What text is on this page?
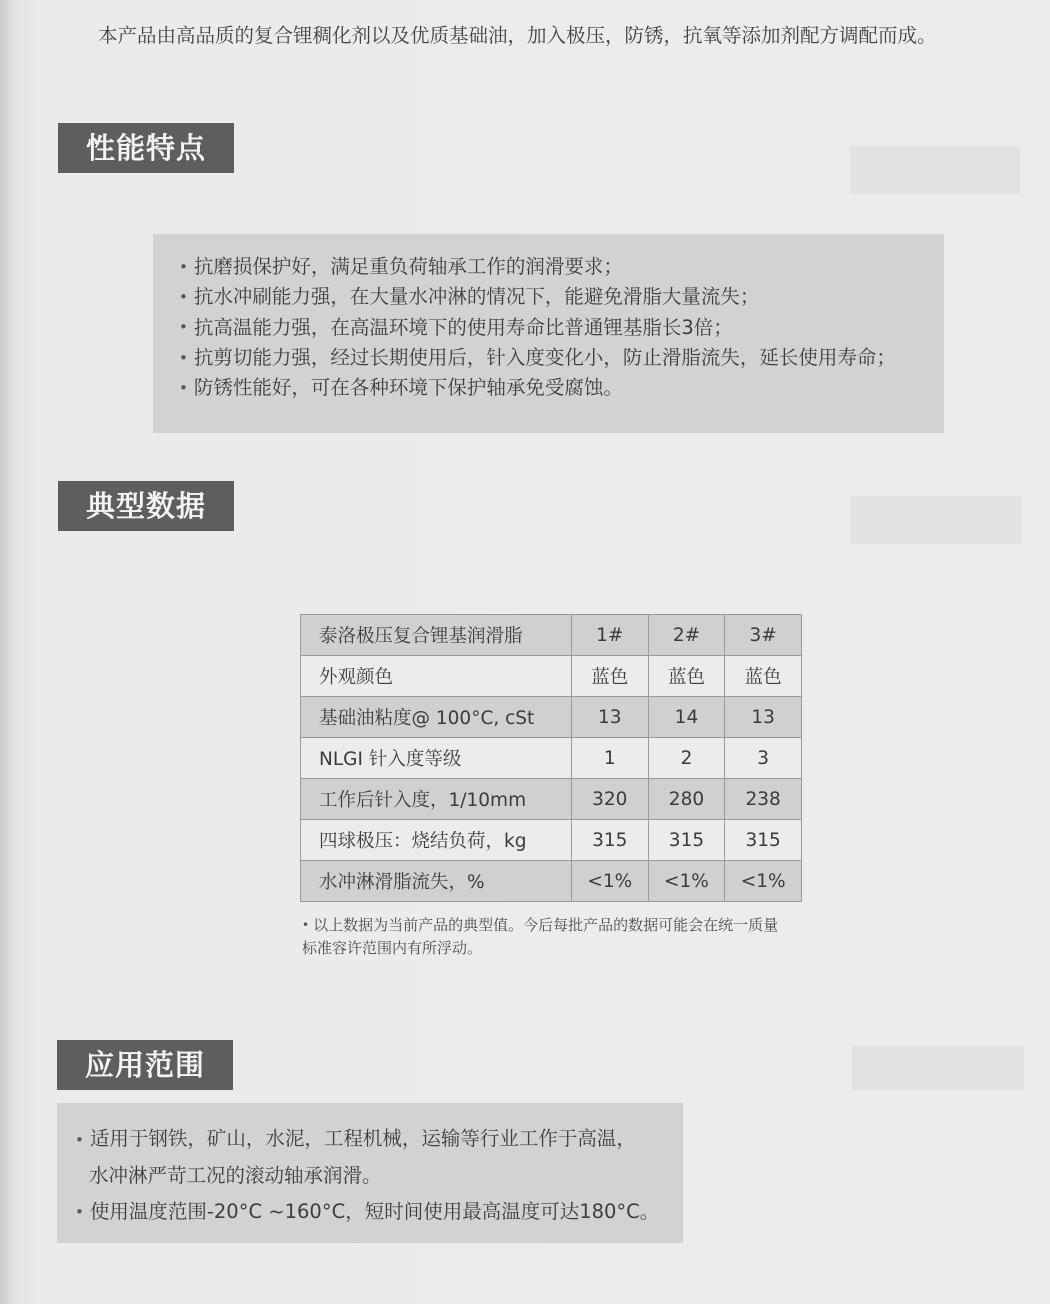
本产品由高品质的复合锂稠化剂以及优质基础油，加入极压，防锈，抗氧等添加剂配方调配而成。
性能特点
• 抗磨损保护好，满足重负荷轴承工作的润滑要求；
• 抗水冲刷能力强，在大量水冲淋的情况下，能避免滑脂大量流失；
• 抗高温能力强，在高温环境下的使用寿命比普通锂基脂长3倍；
• 抗剪切能力强，经过长期使用后，针入度变化小，防止滑脂流失，延长使用寿命；
• 防锈性能好，可在各种环境下保护轴承免受腐蚀。
典型数据
泰洛极压复合锂基润滑脂	1#	2#	3#
外观颜色	蓝色	蓝色	蓝色
基础油粘度@ 100°C, cSt	13	14	13
NLGI 针入度等级	1	2	3
工作后针入度，1/10mm	320	280	238
四球极压：烧结负荷，kg	315	315	315
水冲淋滑脂流失，%	<1%	<1%	<1%
• 以上数据为当前产品的典型值。今后每批产品的数据可能会在统一质量
标准容许范围内有所浮动。
应用范围
• 适用于钢铁，矿山，水泥，工程机械，运输等行业工作于高温，
水冲淋严苛工况的滚动轴承润滑。
• 使用温度范围-20°C ~160°C，短时间使用最高温度可达180°C。
